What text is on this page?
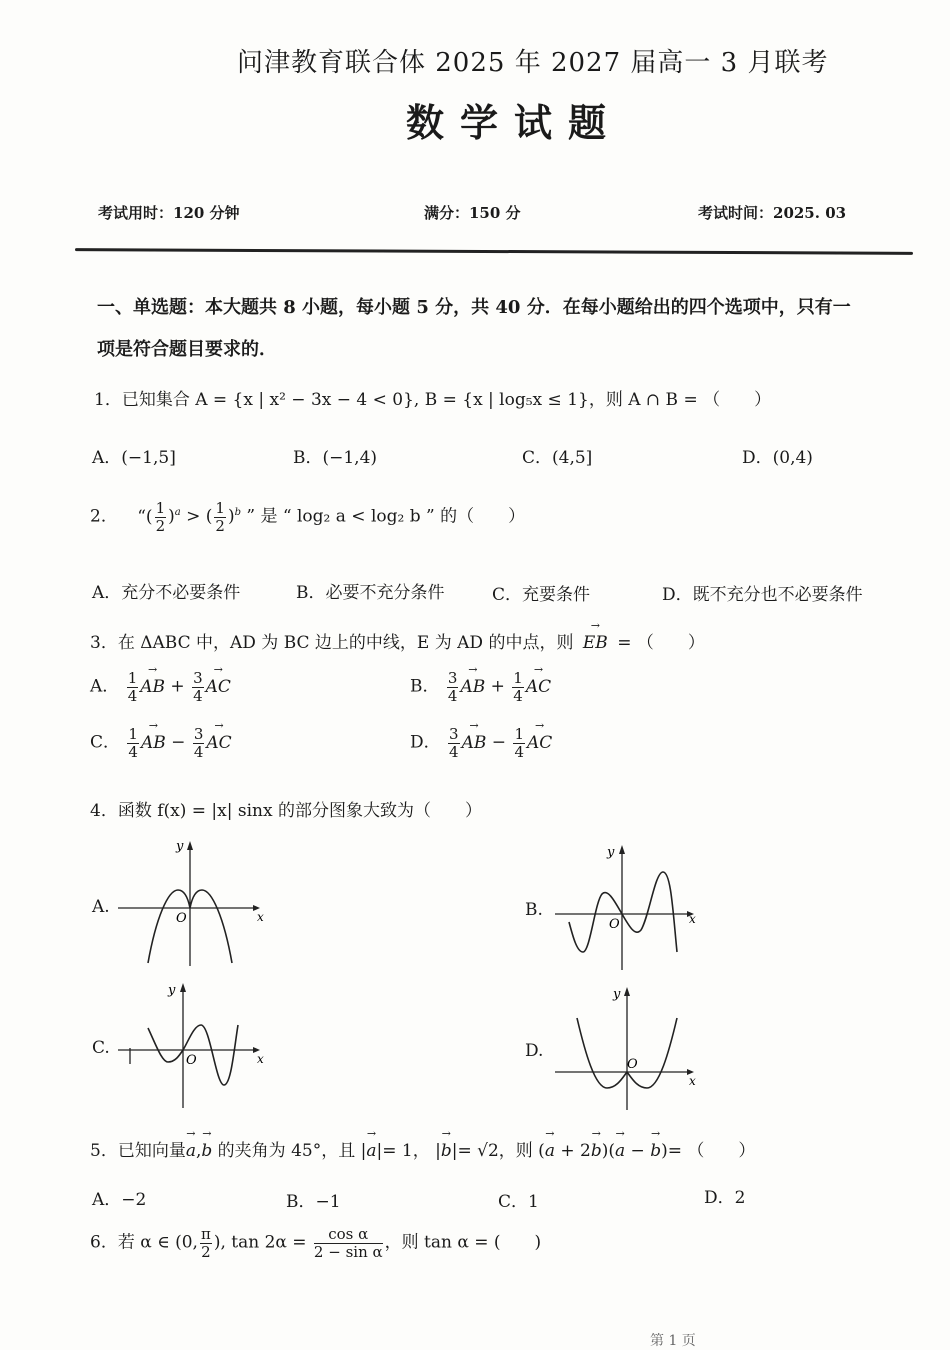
问津教育联合体 2025 年 2027 届高一 3 月联考
数学试题
考试用时：120 分钟	满分：150 分	考试时间：2025. 03
一、单选题：本大题共 8 小题，每小题 5 分，共 40 分．在每小题给出的四个选项中，只有一
项是符合题目要求的．
1．已知集合 A = {x | x² − 3x − 4 < 0}, B = {x | log₅x ≤ 1}，则 A ∩ B = （　　）
A．(−1,5]	B．(−1,4)	C．(4,5]	D．(0,4)
2． “( $\frac{1}{2} )^a$ > ( $\frac{1}{2} )^b$ ” 是 “ log₂ a < log₂ b ” 的（　　）
A．充分不必要条件	B．必要不充分条件	C．充要条件	D．既不充分也不必要条件
3．在 ΔABC 中，AD 为 BC 边上的中线，E 为 AD 的中点，则 → EB = （　　）
A． $\frac{1}{4}$ → AB + $\frac{3}{4}$ → AC	B． $\frac{3}{4}$ → AB + $\frac{1}{4}$ → AC
C． $\frac{1}{4}$ → AB − $\frac{3}{4}$ → AC	D． $\frac{3}{4}$ → AB − $\frac{1}{4}$ → AC
4．函数 f(x) = |x| sinx 的部分图象大致为（　　）
A.	B.
C.	D.
y
x
O
y
x
O
y
x
O
y
x
O
5．已知向量→ a,→ b 的夹角为 45°，且 |→ a|= 1， |→ b|= √2，则 (→ a + 2→ b)(→ a − → b)= （　　）
A．−2	B．−1	C．1	D．2
6．若 α ∈ (0, $\frac{\pi}{2}$ ), $\tan 2\alpha = \frac{\text{cos α}}{\text{2 − sin α}}$ ，则 tan α = (　　)
第 1 页
